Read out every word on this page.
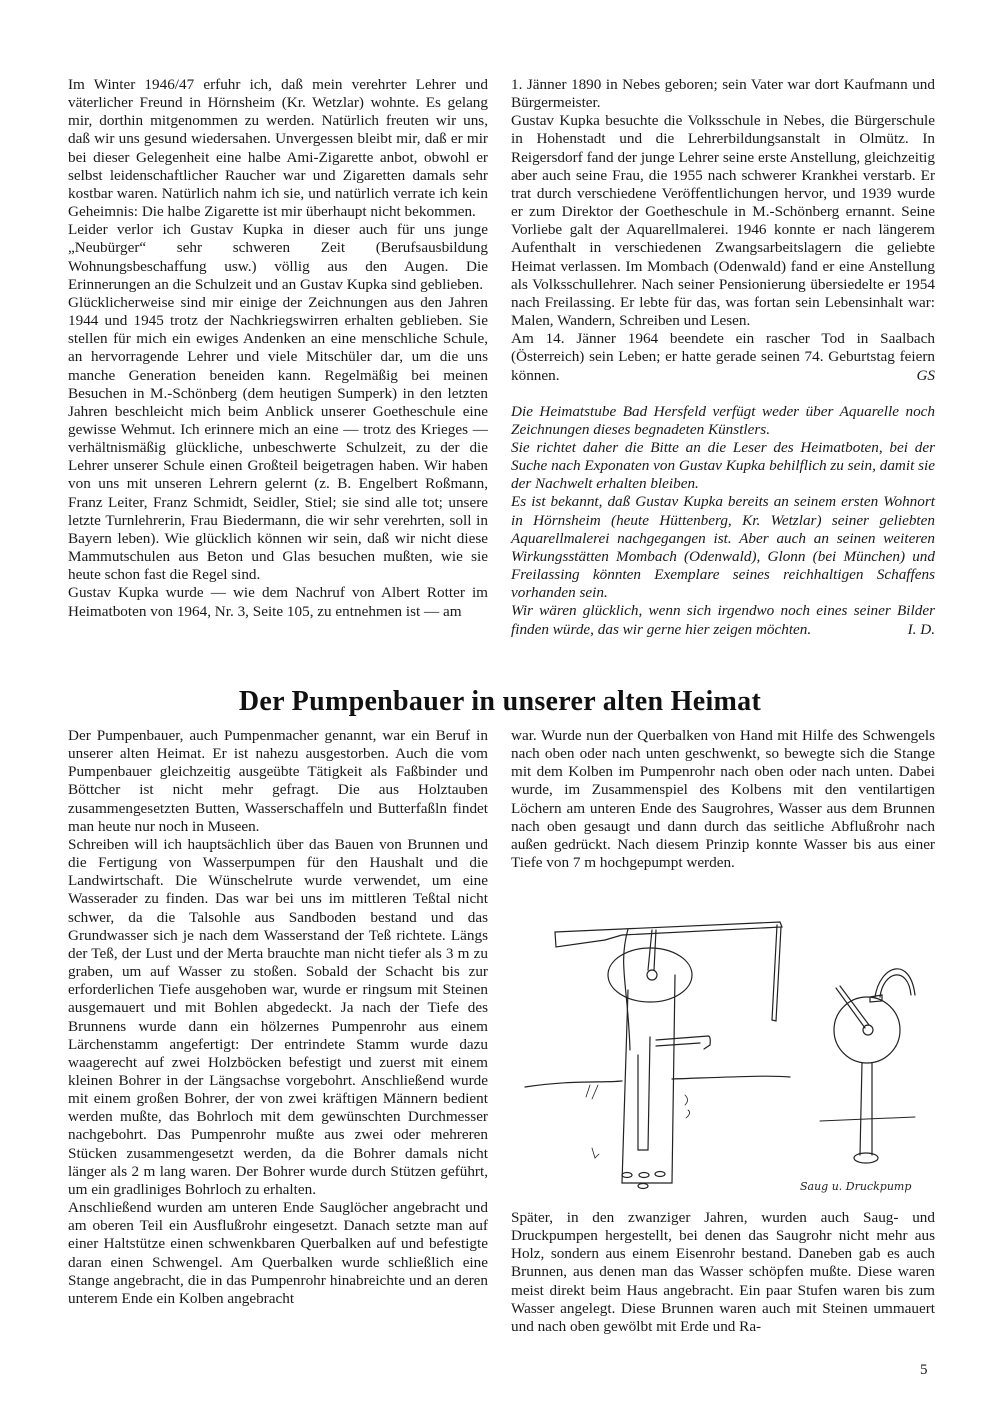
Im Winter 1946/47 erfuhr ich, daß mein verehrter Lehrer und väterlicher Freund in Hörnsheim (Kr. Wetzlar) wohnte. Es gelang mir, dorthin mitgenommen zu werden. Natürlich freuten wir uns, daß wir uns gesund wiedersahen. Unvergessen bleibt mir, daß er mir bei dieser Gelegenheit eine halbe Ami-Zigarette anbot, obwohl er selbst leidenschaftlicher Raucher war und Zigaretten damals sehr kostbar waren. Natürlich nahm ich sie, und natürlich verrate ich kein Geheimnis: Die halbe Zigarette ist mir überhaupt nicht bekommen.

Leider verlor ich Gustav Kupka in dieser auch für uns junge „Neubürger“ sehr schweren Zeit (Berufsausbildung Wohnungsbeschaffung usw.) völlig aus den Augen. Die Erinnerungen an die Schulzeit und an Gustav Kupka sind geblieben.

Glücklicherweise sind mir einige der Zeichnungen aus den Jahren 1944 und 1945 trotz der Nachkriegswirren erhalten geblieben. Sie stellen für mich ein ewiges Andenken an eine menschliche Schule, an hervorragende Lehrer und viele Mitschüler dar, um die uns manche Generation beneiden kann. Regelmäßig bei meinen Besuchen in M.-Schönberg (dem heutigen Sumperk) in den letzten Jahren beschleicht mich beim Anblick unserer Goetheschule eine gewisse Wehmut. Ich erinnere mich an eine — trotz des Krieges — verhältnismäßig glückliche, unbeschwerte Schulzeit, zu der die Lehrer unserer Schule einen Großteil beigetragen haben. Wir haben von uns mit unseren Lehrern gelernt (z. B. Engelbert Roßmann, Franz Leiter, Franz Schmidt, Seidler, Stiel; sie sind alle tot; unsere letzte Turnlehrerin, Frau Biedermann, die wir sehr verehrten, soll in Bayern leben). Wie glücklich können wir sein, daß wir nicht diese Mammutschulen aus Beton und Glas besuchen mußten, wie sie heute schon fast die Regel sind.

Gustav Kupka wurde — wie dem Nachruf von Albert Rotter im Heimatboten von 1964, Nr. 3, Seite 105, zu entnehmen ist — am

1. Jänner 1890 in Nebes geboren; sein Vater war dort Kaufmann und Bürgermeister.

Gustav Kupka besuchte die Volksschule in Nebes, die Bürgerschule in Hohenstadt und die Lehrerbildungsanstalt in Olmütz. In Reigersdorf fand der junge Lehrer seine erste Anstellung, gleichzeitig aber auch seine Frau, die 1955 nach schwerer Krankhei verstarb. Er trat durch verschiedene Veröffentlichungen hervor, und 1939 wurde er zum Direktor der Goetheschule in M.-Schönberg ernannt. Seine Vorliebe galt der Aquarellmalerei. 1946 konnte er nach längerem Aufenthalt in verschiedenen Zwangsarbeitslagern die geliebte Heimat verlassen. Im Mombach (Odenwald) fand er eine Anstellung als Volksschullehrer. Nach seiner Pensionierung übersiedelte er 1954 nach Freilassing. Er lebte für das, was fortan sein Lebensinhalt war: Malen, Wandern, Schreiben und Lesen.

Am 14. Jänner 1964 beendete ein rascher Tod in Saalbach (Österreich) sein Leben; er hatte gerade seinen 74. Geburtstag feiern können.	GS

Die Heimatstube Bad Hersfeld verfügt weder über Aquarelle noch Zeichnungen dieses begnadeten Künstlers.

Sie richtet daher die Bitte an die Leser des Heimatboten, bei der Suche nach Exponaten von Gustav Kupka behilflich zu sein, damit sie der Nachwelt erhalten bleiben.

Es ist bekannt, daß Gustav Kupka bereits an seinem ersten Wohnort in Hörnsheim (heute Hüttenberg, Kr. Wetzlar) seiner geliebten Aquarellmalerei nachgegangen ist. Aber auch an seinen weiteren Wirkungsstätten Mombach (Odenwald), Glonn (bei München) und Freilassing könnten Exemplare seines reichhaltigen Schaffens vorhanden sein.

Wir wären glücklich, wenn sich irgendwo noch eines seiner Bilder finden würde, das wir gerne hier zeigen möchten.	I. D.

Der Pumpenbauer in unserer alten Heimat

Der Pumpenbauer, auch Pumpenmacher genannt, war ein Beruf in unserer alten Heimat. Er ist nahezu ausgestorben. Auch die vom Pumpenbauer gleichzeitig ausgeübte Tätigkeit als Faßbinder und Böttcher ist nicht mehr gefragt. Die aus Holztauben zusammengesetzten Butten, Wasserschaffeln und Butterfaßln findet man heute nur noch in Museen.

Schreiben will ich hauptsächlich über das Bauen von Brunnen und die Fertigung von Wasserpumpen für den Haushalt und die Landwirtschaft. Die Wünschelrute wurde verwendet, um eine Wasserader zu finden. Das war bei uns im mittleren Teßtal nicht schwer, da die Talsohle aus Sandboden bestand und das Grundwasser sich je nach dem Wasserstand der Teß richtete. Längs der Teß, der Lust und der Merta brauchte man nicht tiefer als 3 m zu graben, um auf Wasser zu stoßen. Sobald der Schacht bis zur erforderlichen Tiefe ausgehoben war, wurde er ringsum mit Steinen ausgemauert und mit Bohlen abgedeckt. Ja nach der Tiefe des Brunnens wurde dann ein hölzernes Pumpenrohr aus einem Lärchenstamm angefertigt: Der entrindete Stamm wurde dazu waagerecht auf zwei Holzböcken befestigt und zuerst mit einem kleinen Bohrer in der Längsachse vorgebohrt. Anschließend wurde mit einem großen Bohrer, der von zwei kräftigen Männern bedient werden mußte, das Bohrloch mit dem gewünschten Durchmesser nachgebohrt. Das Pumpenrohr mußte aus zwei oder mehreren Stücken zusammengesetzt werden, da die Bohrer damals nicht länger als 2 m lang waren. Der Bohrer wurde durch Stützen geführt, um ein gradliniges Bohrloch zu erhalten.

Anschließend wurden am unteren Ende Sauglöcher angebracht und am oberen Teil ein Ausflußrohr eingesetzt. Danach setzte man auf einer Haltstütze einen schwenkbaren Querbalken auf und befestigte daran einen Schwengel. Am Querbalken wurde schließlich eine Stange angebracht, die in das Pumpenrohr hinabreichte und an deren unterem Ende ein Kolben angebracht

war. Wurde nun der Querbalken von Hand mit Hilfe des Schwengels nach oben oder nach unten geschwenkt, so bewegte sich die Stange mit dem Kolben im Pumpenrohr nach oben oder nach unten. Dabei wurde, im Zusammenspiel des Kolbens mit den ventilartigen Löchern am unteren Ende des Saugrohres, Wasser aus dem Brunnen nach oben gesaugt und dann durch das seitliche Abflußrohr nach außen gedrückt. Nach diesem Prinzip konnte Wasser bis aus einer Tiefe von 7 m hochgepumpt werden.

Saug u. Druckpump

Später, in den zwanziger Jahren, wurden auch Saug- und Druckpumpen hergestellt, bei denen das Saugrohr nicht mehr aus Holz, sondern aus einem Eisenrohr bestand. Daneben gab es auch Brunnen, aus denen man das Wasser schöpfen mußte. Diese waren meist direkt beim Haus angebracht. Ein paar Stufen waren bis zum Wasser angelegt. Diese Brunnen waren auch mit Steinen ummauert und nach oben gewölbt mit Erde und Ra-

5
